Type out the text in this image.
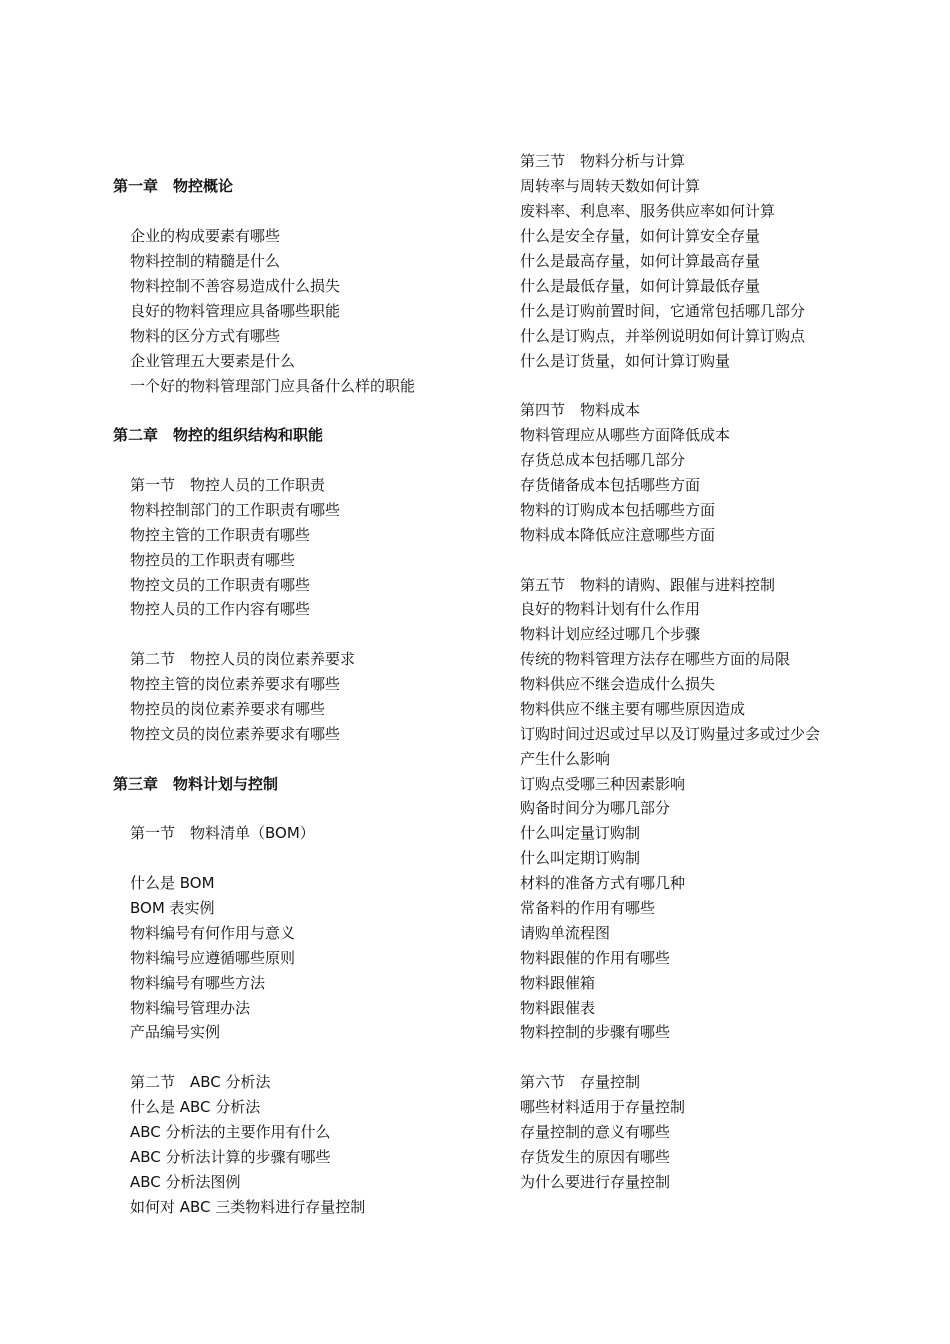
第一章　物控概论
企业的构成要素有哪些
物料控制的精髓是什么
物料控制不善容易造成什么损失
良好的物料管理应具备哪些职能
物料的区分方式有哪些
企业管理五大要素是什么
一个好的物料管理部门应具备什么样的职能
第二章　物控的组织结构和职能
第一节　物控人员的工作职责
物料控制部门的工作职责有哪些
物控主管的工作职责有哪些
物控员的工作职责有哪些
物控文员的工作职责有哪些
物控人员的工作内容有哪些
第二节　物控人员的岗位素养要求
物控主管的岗位素养要求有哪些
物控员的岗位素养要求有哪些
物控文员的岗位素养要求有哪些
第三章　物料计划与控制
第一节　物料清单（BOM）
什么是 BOM
BOM 表实例
物料编号有何作用与意义
物料编号应遵循哪些原则
物料编号有哪些方法
物料编号管理办法
产品编号实例
第二节　ABC 分析法
什么是 ABC 分析法
ABC 分析法的主要作用有什么
ABC 分析法计算的步骤有哪些
ABC 分析法图例
如何对 ABC 三类物料进行存量控制
第三节　物料分析与计算
周转率与周转天数如何计算
废料率、利息率、服务供应率如何计算
什么是安全存量，如何计算安全存量
什么是最高存量，如何计算最高存量
什么是最低存量，如何计算最低存量
什么是订购前置时间，它通常包括哪几部分
什么是订购点，并举例说明如何计算订购点
什么是订货量，如何计算订购量
第四节　物料成本
物料管理应从哪些方面降低成本
存货总成本包括哪几部分
存货储备成本包括哪些方面
物料的订购成本包括哪些方面
物料成本降低应注意哪些方面
第五节　物料的请购、跟催与进料控制
良好的物料计划有什么作用
物料计划应经过哪几个步骤
传统的物料管理方法存在哪些方面的局限
物料供应不继会造成什么损失
物料供应不继主要有哪些原因造成
订购时间过迟或过早以及订购量过多或过少会
产生什么影响
订购点受哪三种因素影响
购备时间分为哪几部分
什么叫定量订购制
什么叫定期订购制
材料的准备方式有哪几种
常备料的作用有哪些
请购单流程图
物料跟催的作用有哪些
物料跟催箱
物料跟催表
物料控制的步骤有哪些
第六节　存量控制
哪些材料适用于存量控制
存量控制的意义有哪些
存货发生的原因有哪些
为什么要进行存量控制
